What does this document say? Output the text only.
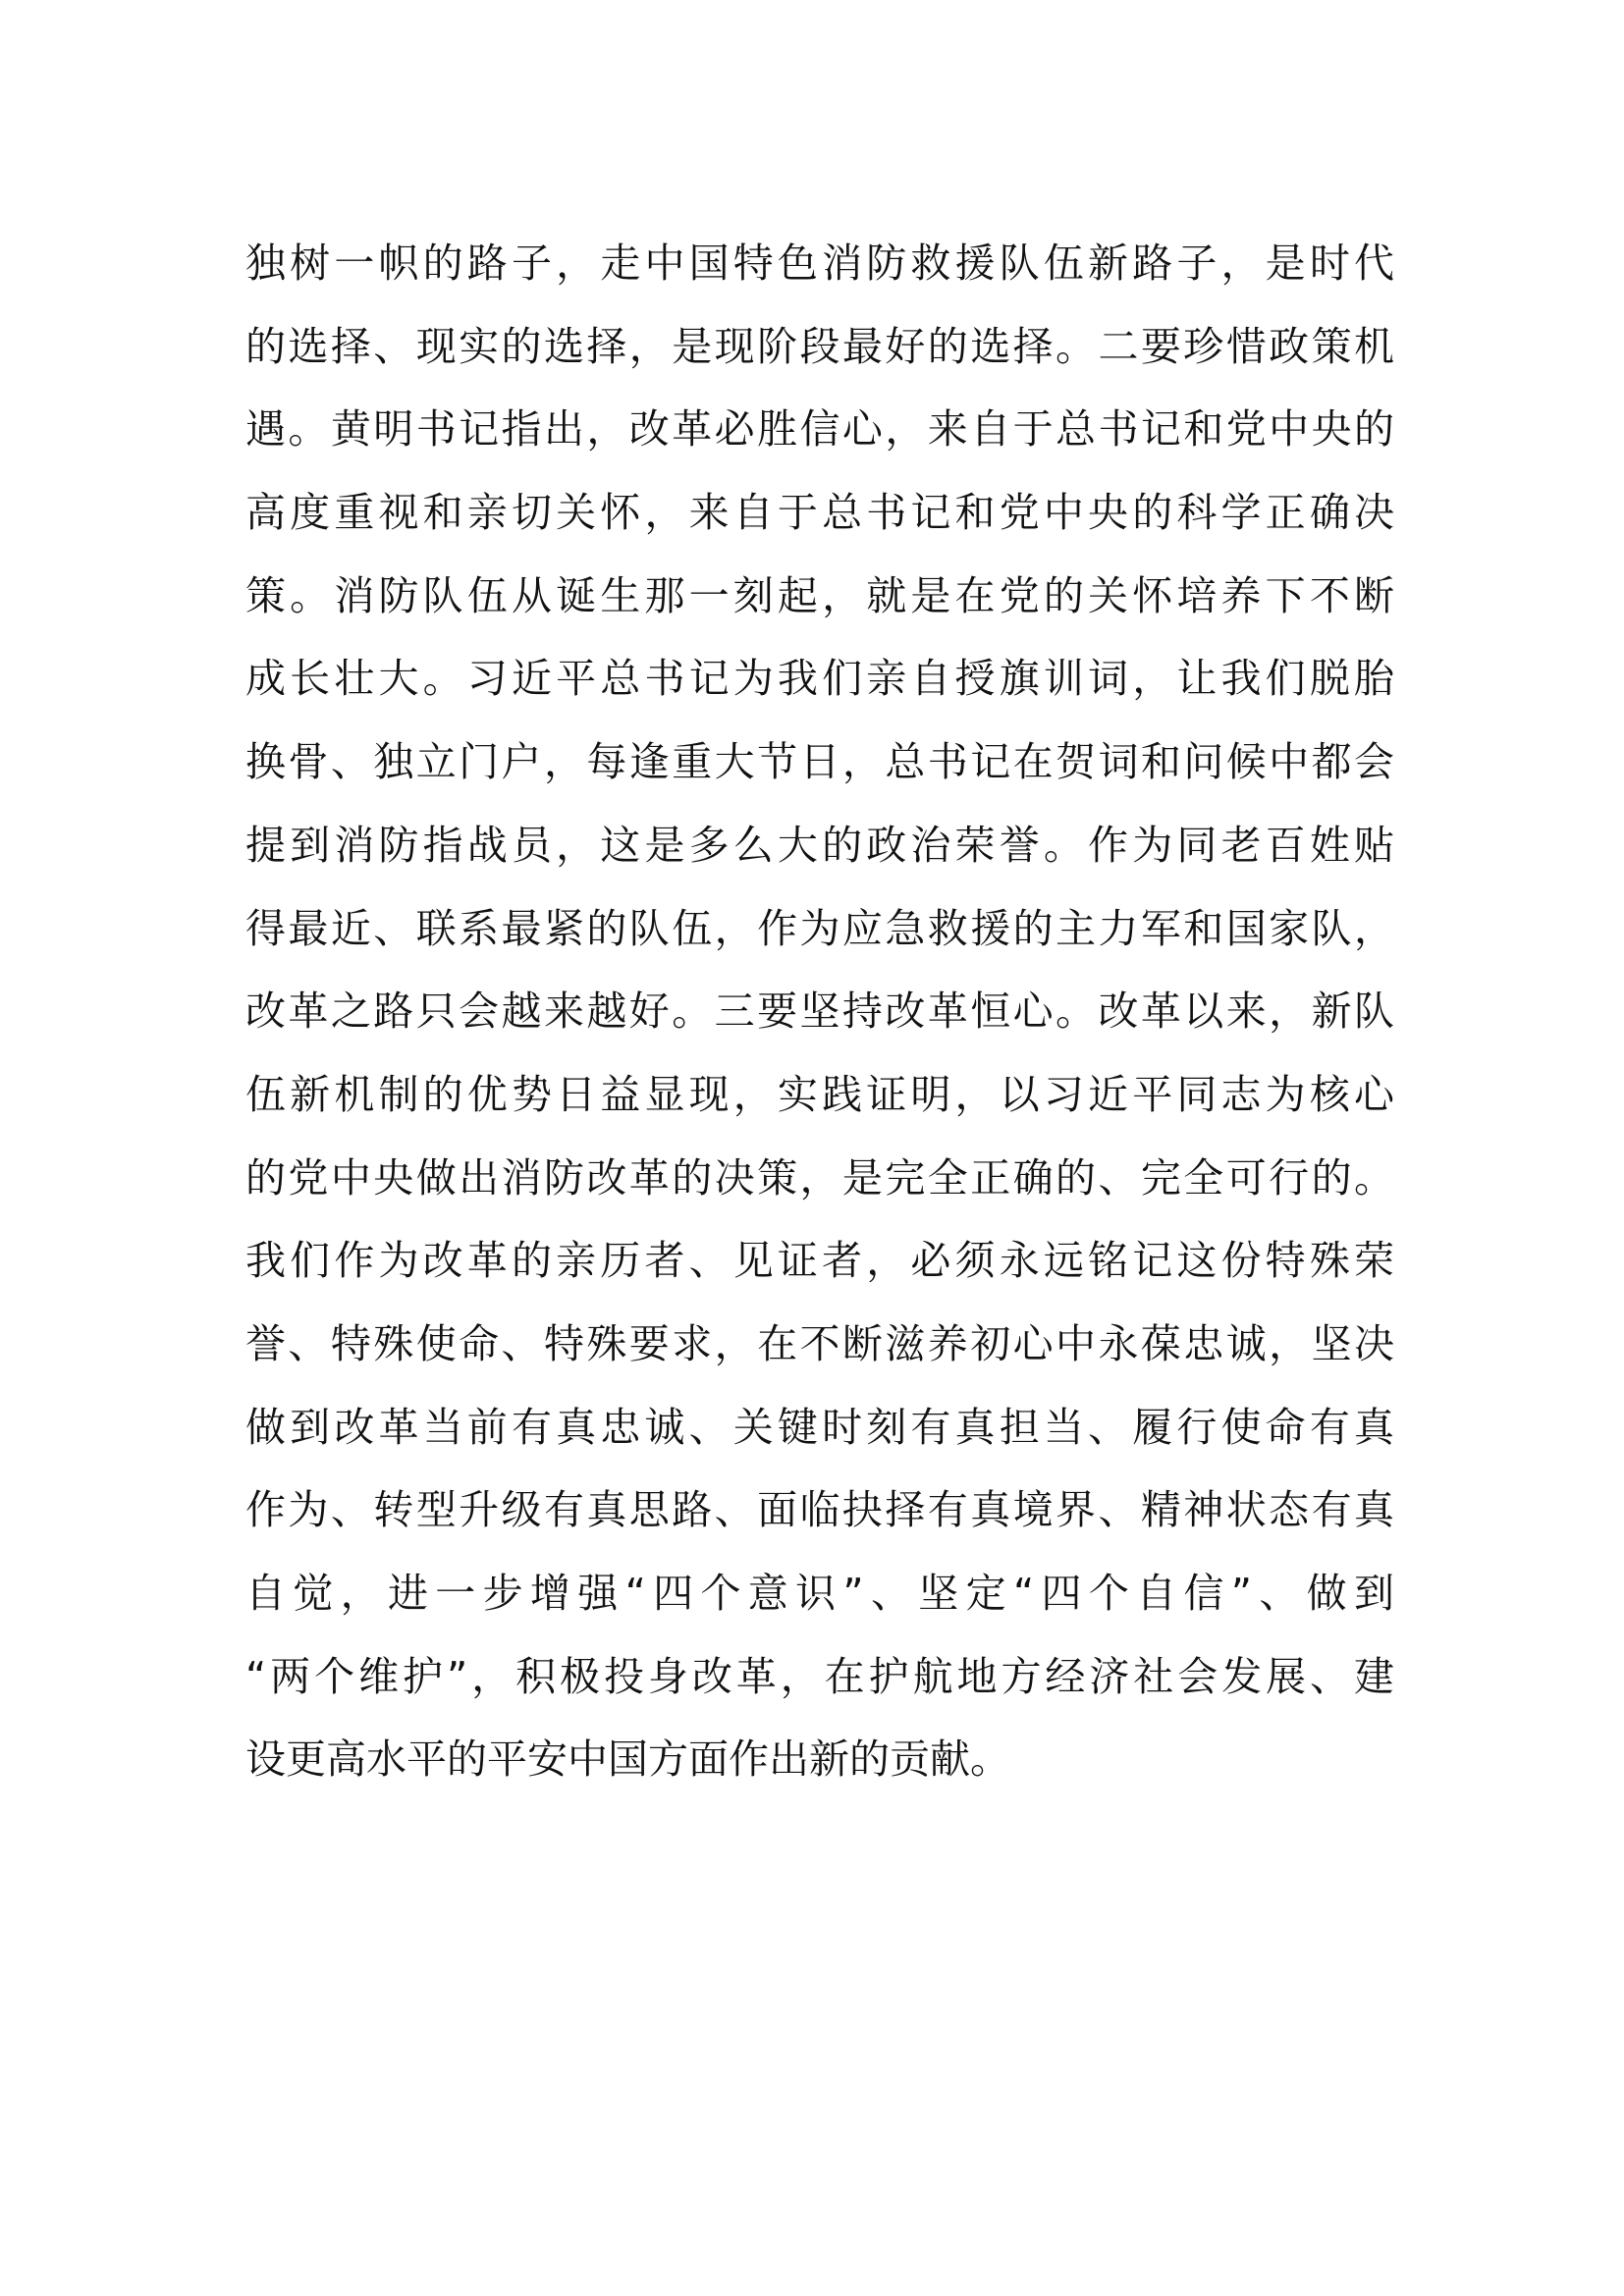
独树一帜的路子，走中国特色消防救援队伍新路子，是时代
的选择、现实的选择，是现阶段最好的选择。二要珍惜政策机
遇。黄明书记指出，改革必胜信心，来自于总书记和党中央的
高度重视和亲切关怀，来自于总书记和党中央的科学正确决
策。消防队伍从诞生那一刻起，就是在党的关怀培养下不断
成长壮大。习近平总书记为我们亲自授旗训词，让我们脱胎
换骨、独立门户，每逢重大节日，总书记在贺词和问候中都会
提到消防指战员，这是多么大的政治荣誉。作为同老百姓贴
得最近、联系最紧的队伍，作为应急救援的主力军和国家队，
改革之路只会越来越好。三要坚持改革恒心。改革以来，新队
伍新机制的优势日益显现，实践证明，以习近平同志为核心
的党中央做出消防改革的决策，是完全正确的、完全可行的。
我们作为改革的亲历者、见证者，必须永远铭记这份特殊荣
誉、特殊使命、特殊要求，在不断滋养初心中永葆忠诚，坚决
做到改革当前有真忠诚、关键时刻有真担当、履行使命有真
作为、转型升级有真思路、面临抉择有真境界、精神状态有真
自觉，进一步增强“四个意识”、坚定“四个自信”、做到
“两个维护”，积极投身改革，在护航地方经济社会发展、建
设更高水平的平安中国方面作出新的贡献。
